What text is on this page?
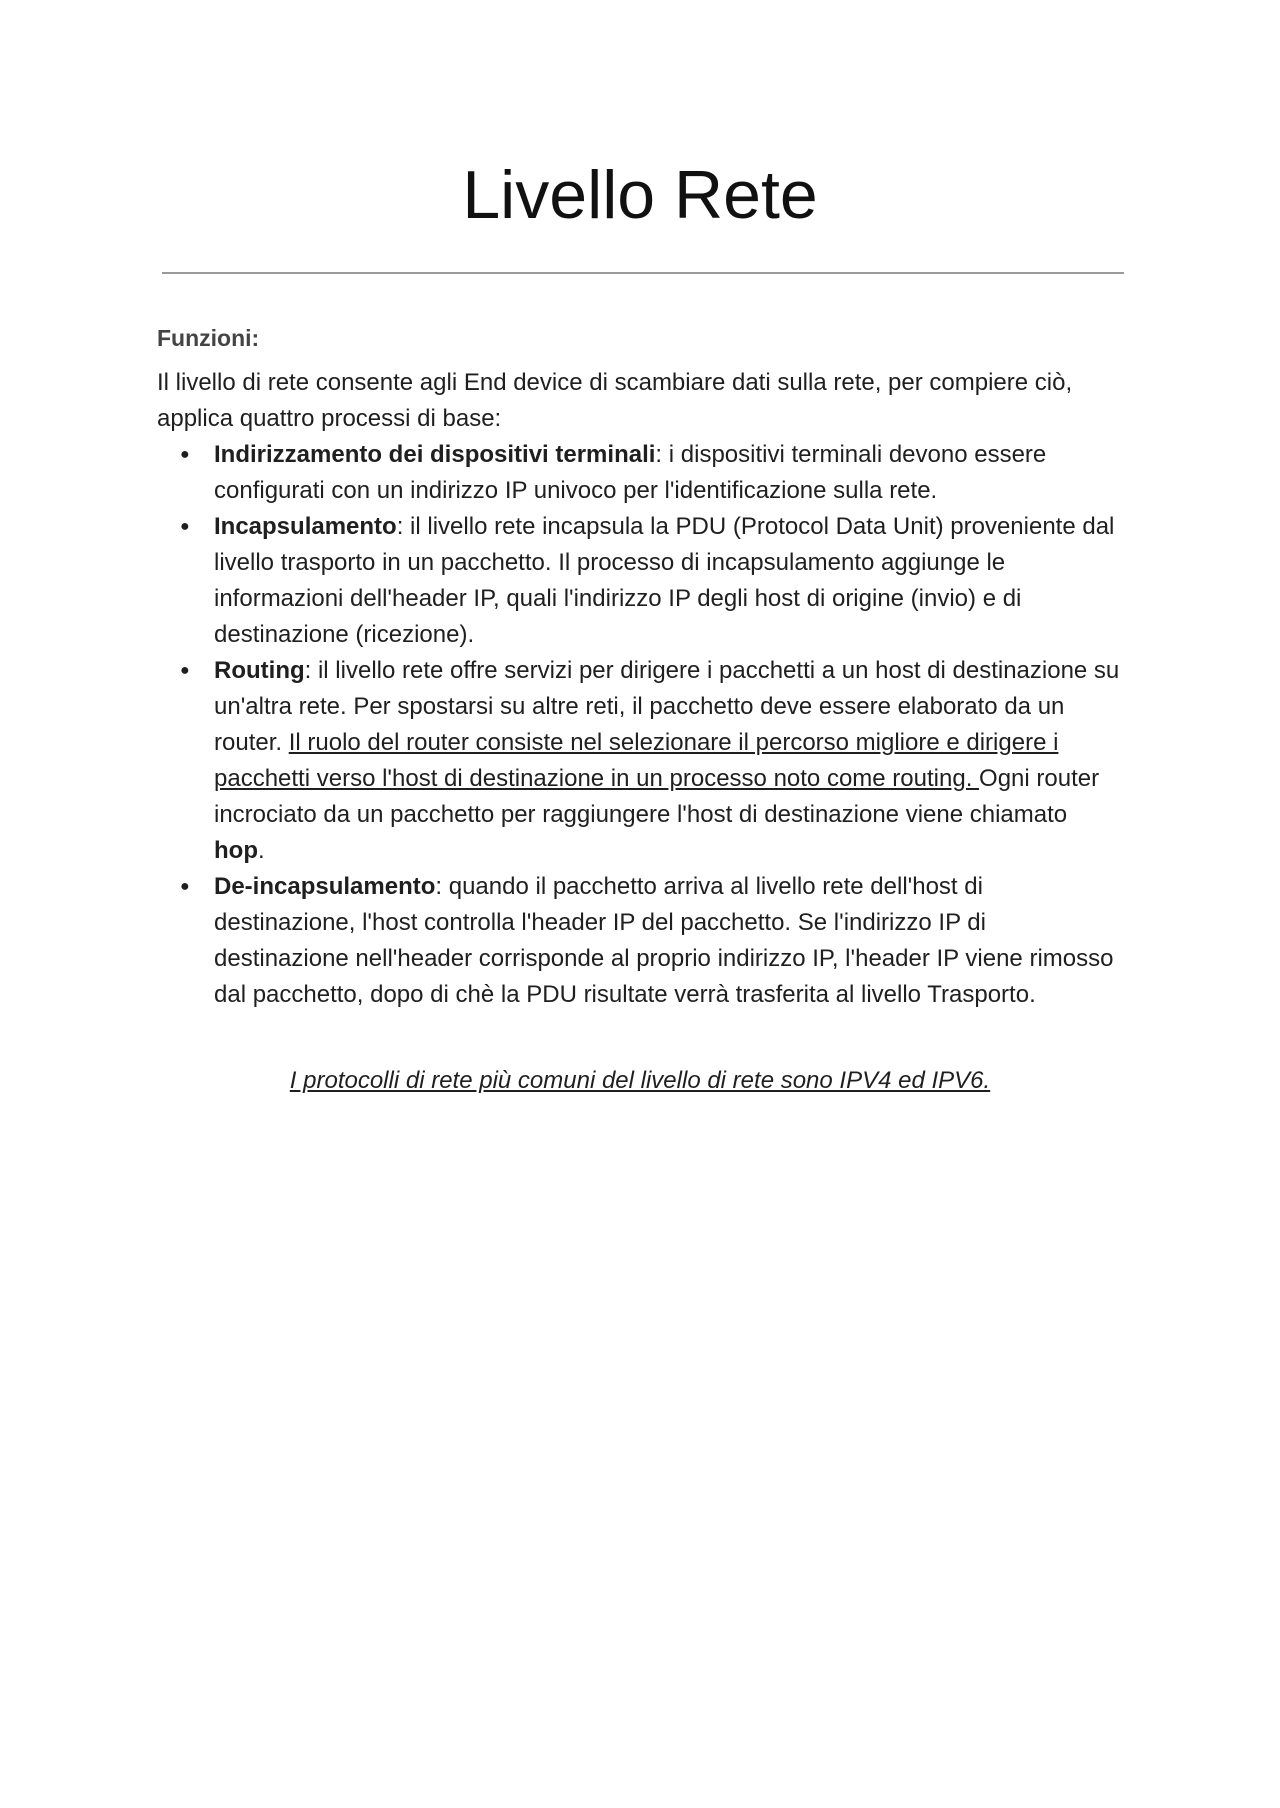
Livello Rete

Funzioni:

Il livello di rete consente agli End device di scambiare dati sulla rete, per compiere ciò, applica quattro processi di base:

● Indirizzamento dei dispositivi terminali: i dispositivi terminali devono essere configurati con un indirizzo IP univoco per l'identificazione sulla rete.
● Incapsulamento: il livello rete incapsula la PDU (Protocol Data Unit) proveniente dal livello trasporto in un pacchetto. Il processo di incapsulamento aggiunge le informazioni dell'header IP, quali l'indirizzo IP degli host di origine (invio) e di destinazione (ricezione).
● Routing: il livello rete offre servizi per dirigere i pacchetti a un host di destinazione su un'altra rete. Per spostarsi su altre reti, il pacchetto deve essere elaborato da un router. Il ruolo del router consiste nel selezionare il percorso migliore e dirigere i pacchetti verso l'host di destinazione in un processo noto come routing. Ogni router incrociato da un pacchetto per raggiungere l'host di destinazione viene chiamato hop.
● De-incapsulamento: quando il pacchetto arriva al livello rete dell'host di destinazione, l'host controlla l'header IP del pacchetto. Se l'indirizzo IP di destinazione nell'header corrisponde al proprio indirizzo IP, l'header IP viene rimosso dal pacchetto, dopo di chè la PDU risultate verrà trasferita al livello Trasporto.
I protocolli di rete più comuni del livello di rete sono IPV4 ed IPV6.
